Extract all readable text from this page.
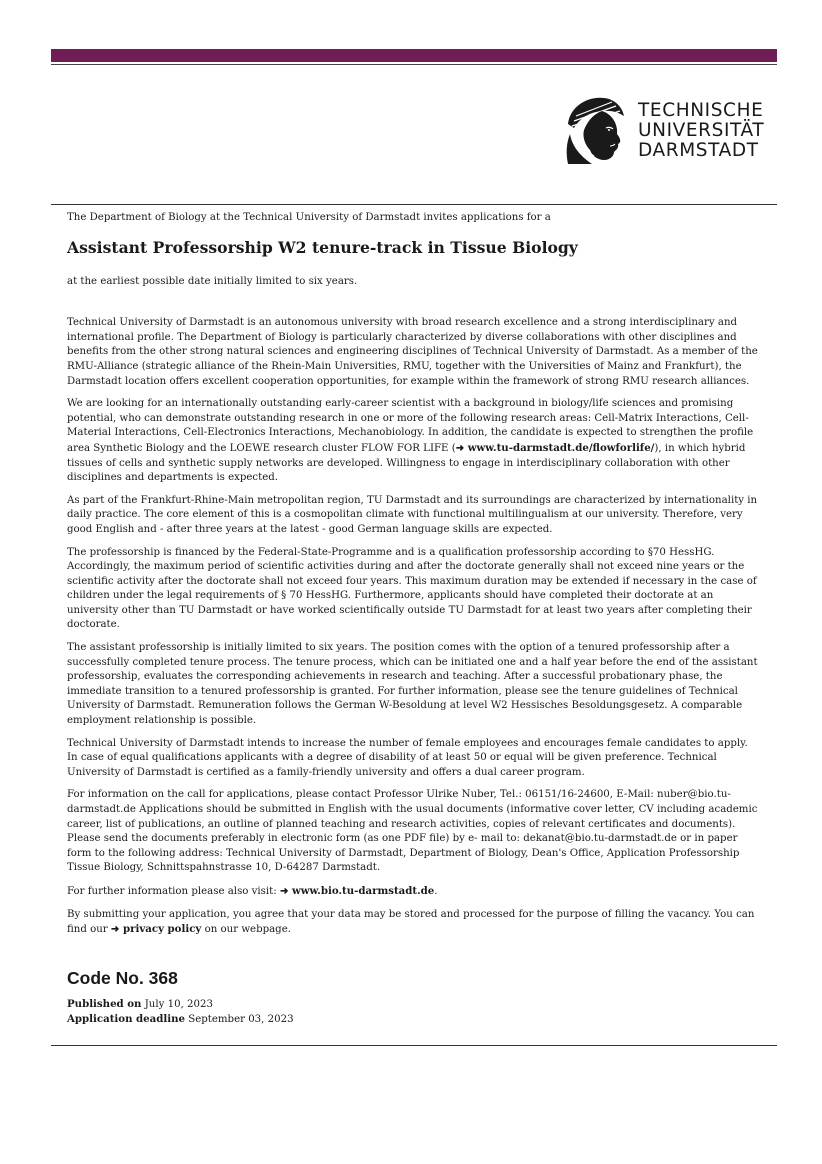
TECHNISCHE
UNIVERSITÄT
DARMSTADT

The Department of Biology at the Technical University of Darmstadt invites applications for a

Assistant Professorship W2 tenure-track in Tissue Biology

at the earliest possible date initially limited to six years.

Technical University of Darmstadt is an autonomous university with broad research excellence and a strong interdisciplinary and international profile. The Department of Biology is particularly characterized by diverse collaborations with other disciplines and benefits from the other strong natural sciences and engineering disciplines of Technical University of Darmstadt. As a member of the RMU-Alliance (strategic alliance of the Rhein-Main Universities, RMU, together with the Universities of Mainz and Frankfurt), the Darmstadt location offers excellent cooperation opportunities, for example within the framework of strong RMU research alliances.

We are looking for an internationally outstanding early-career scientist with a background in biology/life sciences and promising potential, who can demonstrate outstanding research in one or more of the following research areas: Cell-Matrix Interactions, Cell-Material Interactions, Cell-Electronics Interactions, Mechanobiology. In addition, the candidate is expected to strengthen the profile area Synthetic Biology and the LOEWE research cluster FLOW FOR LIFE (➜ www.tu-darmstadt.de/flowforlife/), in which hybrid tissues of cells and synthetic supply networks are developed. Willingness to engage in interdisciplinary collaboration with other disciplines and departments is expected.

As part of the Frankfurt-Rhine-Main metropolitan region, TU Darmstadt and its surroundings are characterized by internationality in daily practice. The core element of this is a cosmopolitan climate with functional multilingualism at our university. Therefore, very good English and - after three years at the latest - good German language skills are expected.

The professorship is financed by the Federal-State-Programme and is a qualification professorship according to §70 HessHG. Accordingly, the maximum period of scientific activities during and after the doctorate generally shall not exceed nine years or the scientific activity after the doctorate shall not exceed four years. This maximum duration may be extended if necessary in the case of children under the legal requirements of § 70 HessHG. Furthermore, applicants should have completed their doctorate at an university other than TU Darmstadt or have worked scientifically outside TU Darmstadt for at least two years after completing their doctorate.

The assistant professorship is initially limited to six years. The position comes with the option of a tenured professorship after a successfully completed tenure process. The tenure process, which can be initiated one and a half year before the end of the assistant professorship, evaluates the corresponding achievements in research and teaching. After a successful probationary phase, the immediate transition to a tenured professorship is granted. For further information, please see the tenure guidelines of Technical University of Darmstadt. Remuneration follows the German W-Besoldung at level W2 Hessisches Besoldungsgesetz. A comparable employment relationship is possible.

Technical University of Darmstadt intends to increase the number of female employees and encourages female candidates to apply. In case of equal qualifications applicants with a degree of disability of at least 50 or equal will be given preference. Technical University of Darmstadt is certified as a family-friendly university and offers a dual career program.

For information on the call for applications, please contact Professor Ulrike Nuber, Tel.: 06151/16-24600, E-Mail: nuber@bio.tu-darmstadt.de Applications should be submitted in English with the usual documents (informative cover letter, CV including academic career, list of publications, an outline of planned teaching and research activities, copies of relevant certificates and documents). Please send the documents preferably in electronic form (as one PDF file) by e- mail to: dekanat@bio.tu-darmstadt.de or in paper form to the following address: Technical University of Darmstadt, Department of Biology, Dean's Office, Application Professorship Tissue Biology, Schnittspahnstrasse 10, D-64287 Darmstadt.

For further information please also visit: ➜ www.bio.tu-darmstadt.de.

By submitting your application, you agree that your data may be stored and processed for the purpose of filling the vacancy. You can find our ➜ privacy policy on our webpage.

Code No. 368
Published on July 10, 2023
Application deadline September 03, 2023
